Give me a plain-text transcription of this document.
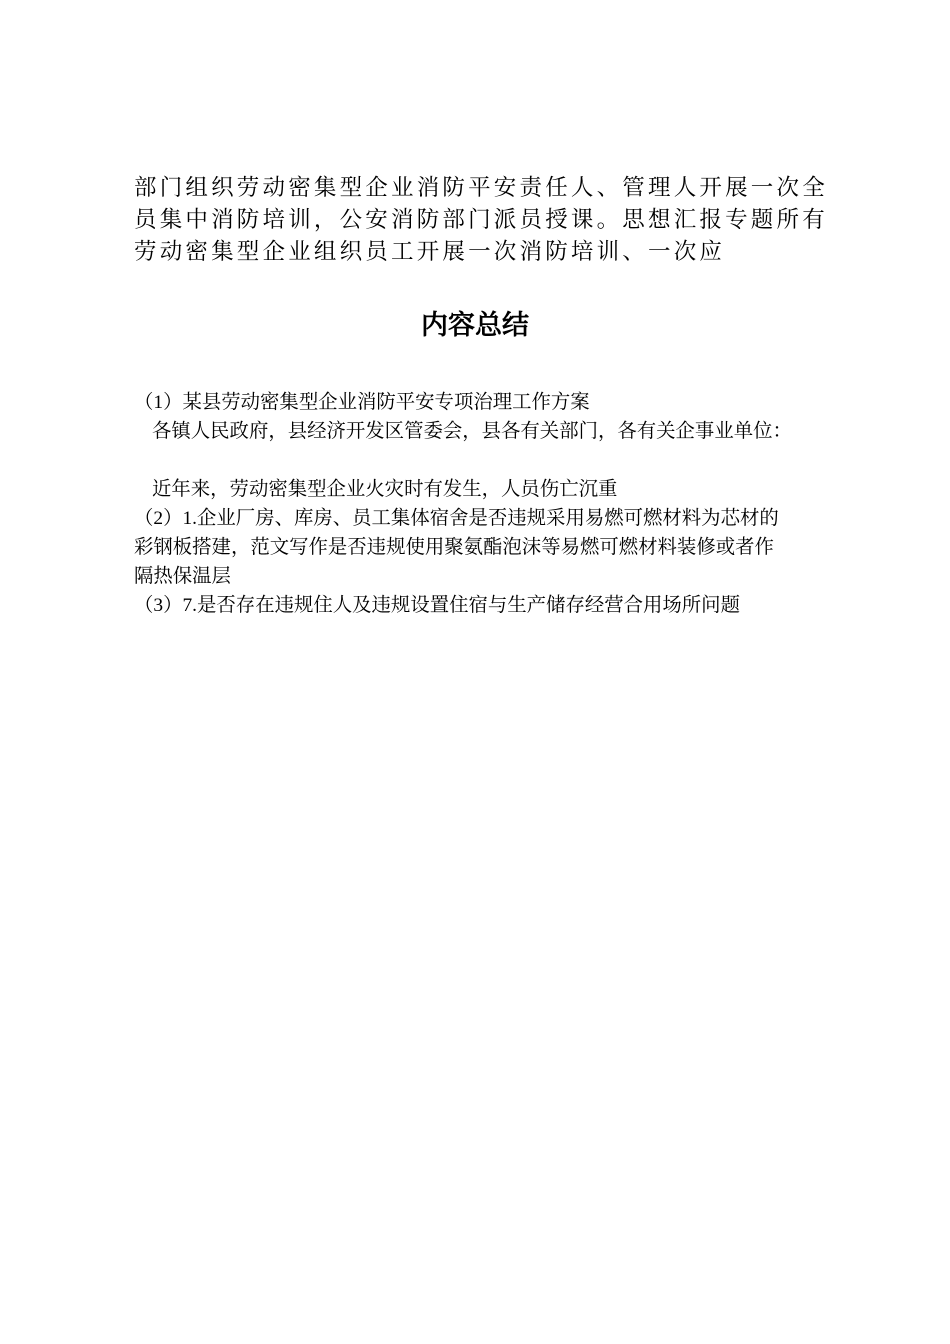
部门组织劳动密集型企业消防平安责任人、管理人开展一次全
员集中消防培训，公安消防部门派员授课。思想汇报专题所有
劳动密集型企业组织员工开展一次消防培训、一次应

内容总结
（1）某县劳动密集型企业消防平安专项治理工作方案
各镇人民政府，县经济开发区管委会，县各有关部门，各有关企事业单位：
近年来，劳动密集型企业火灾时有发生，人员伤亡沉重
（2）1.企业厂房、库房、员工集体宿舍是否违规采用易燃可燃材料为芯材的
彩钢板搭建，范文写作是否违规使用聚氨酯泡沫等易燃可燃材料装修或者作
隔热保温层
（3）7.是否存在违规住人及违规设置住宿与生产储存经营合用场所问题
